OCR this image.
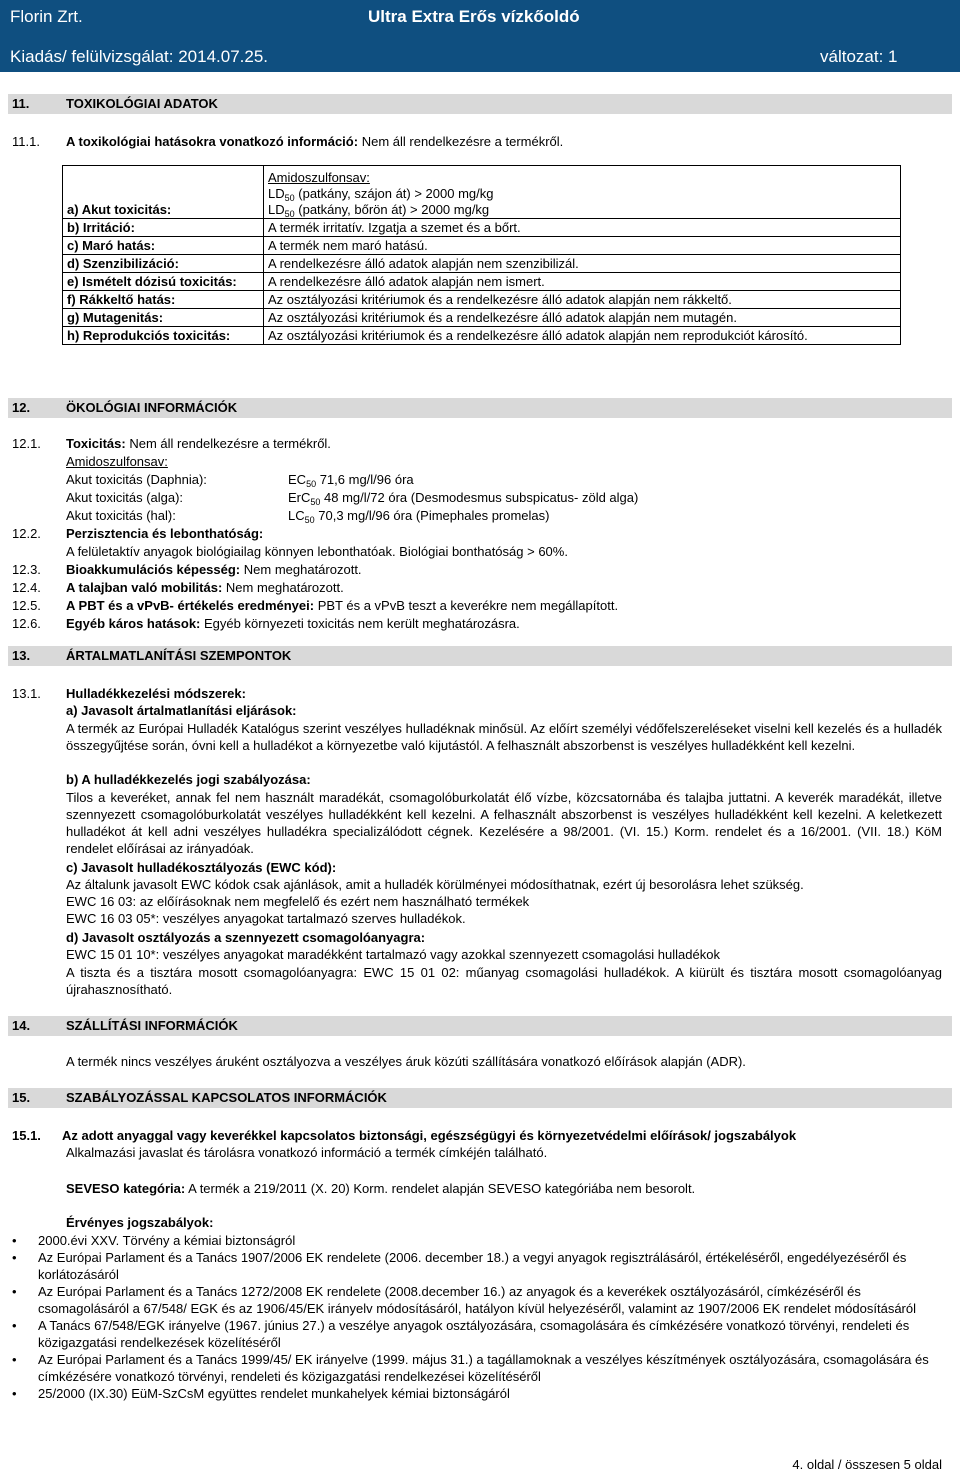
Florin Zrt.	Ultra Extra Erős vízkőoldó
Kiadás/ felülvizsgálat: 2014.07.25.	változat: 1
11.	TOXIKOLÓGIAI ADATOK
11.1. A toxikológiai hatásokra vonatkozó információ: Nem áll rendelkezésre a termékről.
a) Akut toxicitás:	Amidoszulfonsav:
$LD_{50}$ (patkány, szájon át) > 2000 mg/kg
$LD_{50}$ (patkány, bőrön át) > 2000 mg/kg
b) Irritáció:	A termék irritatív. Izgatja a szemet és a bőrt.
c) Maró hatás:	A termék nem maró hatású.
d) Szenzibilizáció:	A rendelkezésre álló adatok alapján nem szenzibilizál.
e) Ismételt dózisú toxicitás:	A rendelkezésre álló adatok alapján nem ismert.
f) Rákkeltő hatás:	Az osztályozási kritériumok és a rendelkezésre álló adatok alapján nem rákkeltő.
g) Mutagenitás:	Az osztályozási kritériumok és a rendelkezésre álló adatok alapján nem mutagén.
h) Reprodukciós toxicitás:	Az osztályozási kritériumok és a rendelkezésre álló adatok alapján nem reprodukciót károsító.
12.	ÖKOLÓGIAI INFORMÁCIÓK
12.1. Toxicitás: Nem áll rendelkezésre a termékről.
Amidoszulfonsav:
Akut toxicitás (Daphnia):	$EC_{50}$ 71,6 mg/l/96 óra
Akut toxicitás (alga):	ErC$_{50}$ 48 mg/l/72 óra (Desmodesmus subspicatus- zöld alga)
Akut toxicitás (hal):	$LC_{50}$ 70,3 mg/l/96 óra (Pimephales promelas)
12.2. Perzisztencia és lebonthatóság:
A felületaktív anyagok biológiailag könnyen lebonthatóak. Biológiai bonthatóság > 60%.
12.3. Bioakkumulációs képesség: Nem meghatározott.
12.4. A talajban való mobilitás: Nem meghatározott.
12.5. A PBT és a vPvB- értékelés eredményei: PBT és a vPvB teszt a keverékre nem megállapított.
12.6. Egyéb káros hatások: Egyéb környezeti toxicitás nem került meghatározásra.
13.	ÁRTALMATLANÍTÁSI SZEMPONTOK
13.1. Hulladékkezelési módszerek:
a) Javasolt ártalmatlanítási eljárások:
A termék az Európai Hulladék Katalógus szerint veszélyes hulladéknak minősül. Az előírt személyi védőfelszereléseket viselni kell kezelés és a hulladék összegyűjtése során, óvni kell a hulladékot a környezetbe való kijutástól. A felhasznált abszorbenst is veszélyes hulladékként kell kezelni.
b) A hulladékkezelés jogi szabályozása:
Tilos a keveréket, annak fel nem használt maradékát, csomagolóburkolatát élő vízbe, közcsatornába és talajba juttatni. A keverék maradékát, illetve szennyezett csomagolóburkolatát veszélyes hulladékként kell kezelni. A felhasznált abszorbenst is veszélyes hulladékként kell kezelni. A keletkezett hulladékot át kell adni veszélyes hulladékra specializálódott cégnek. Kezelésére a 98/2001. (VI. 15.) Korm. rendelet és a 16/2001. (VII. 18.) KöM rendelet előírásai az irányadóak.
c) Javasolt hulladékosztályozás (EWC kód):
Az általunk javasolt EWC kódok csak ajánlások, amit a hulladék körülményei módosíthatnak, ezért új besorolásra lehet szükség.
EWC 16 03: az előírásoknak nem megfelelő és ezért nem használható termékek
EWC 16 03 05*: veszélyes anyagokat tartalmazó szerves hulladékok.
d) Javasolt osztályozás a szennyezett csomagolóanyagra:
EWC 15 01 10*: veszélyes anyagokat maradékként tartalmazó vagy azokkal szennyezett csomagolási hulladékok
A tiszta és a tisztára mosott csomagolóanyagra: EWC 15 01 02: műanyag csomagolási hulladékok. A kiürült és tisztára mosott csomagolóanyag újrahasznosítható.
14.	SZÁLLÍTÁSI INFORMÁCIÓK
A termék nincs veszélyes áruként osztályozva a veszélyes áruk közúti szállítására vonatkozó előírások alapján (ADR).
15.	SZABÁLYOZÁSSAL KAPCSOLATOS INFORMÁCIÓK
15.1. Az adott anyaggal vagy keverékkel kapcsolatos biztonsági, egészségügyi és környezetvédelmi előírások/ jogszabályok
Alkalmazási javaslat és tárolásra vonatkozó információ a termék címkéjén található.
SEVESO kategória: A termék a 219/2011 (X. 20) Korm. rendelet alapján SEVESO kategóriába nem besorolt.
Érvényes jogszabályok:
• 2000.évi XXV. Törvény a kémiai biztonságról
• Az Európai Parlament és a Tanács 1907/2006 EK rendelete (2006. december 18.) a vegyi anyagok regisztrálásáról, értékeléséről, engedélyezéséről és korlátozásáról
• Az Európai Parlament és a Tanács 1272/2008 EK rendelete (2008.december 16.) az anyagok és a keverékek osztályozásáról, címkézéséről és csomagolásáról a 67/548/ EGK és az 1906/45/EK irányelv módosításáról, hatályon kívül helyezéséről, valamint az 1907/2006 EK rendelet módosításáról
• A Tanács 67/548/EGK irányelve (1967. június 27.) a veszélye anyagok osztályozására, csomagolására és címkézésére vonatkozó törvényi, rendeleti és közigazgatási rendelkezések közelítéséről
• Az Európai Parlament és a Tanács 1999/45/ EK irányelve (1999. május 31.) a tagállamoknak a veszélyes készítmények osztályozására, csomagolására és címkézésére vonatkozó törvényi, rendeleti és közigazgatási rendelkezései közelítéséről
• 25/2000 (IX.30) EüM-SzCsM együttes rendelet munkahelyek kémiai biztonságáról
4. oldal / összesen 5 oldal
